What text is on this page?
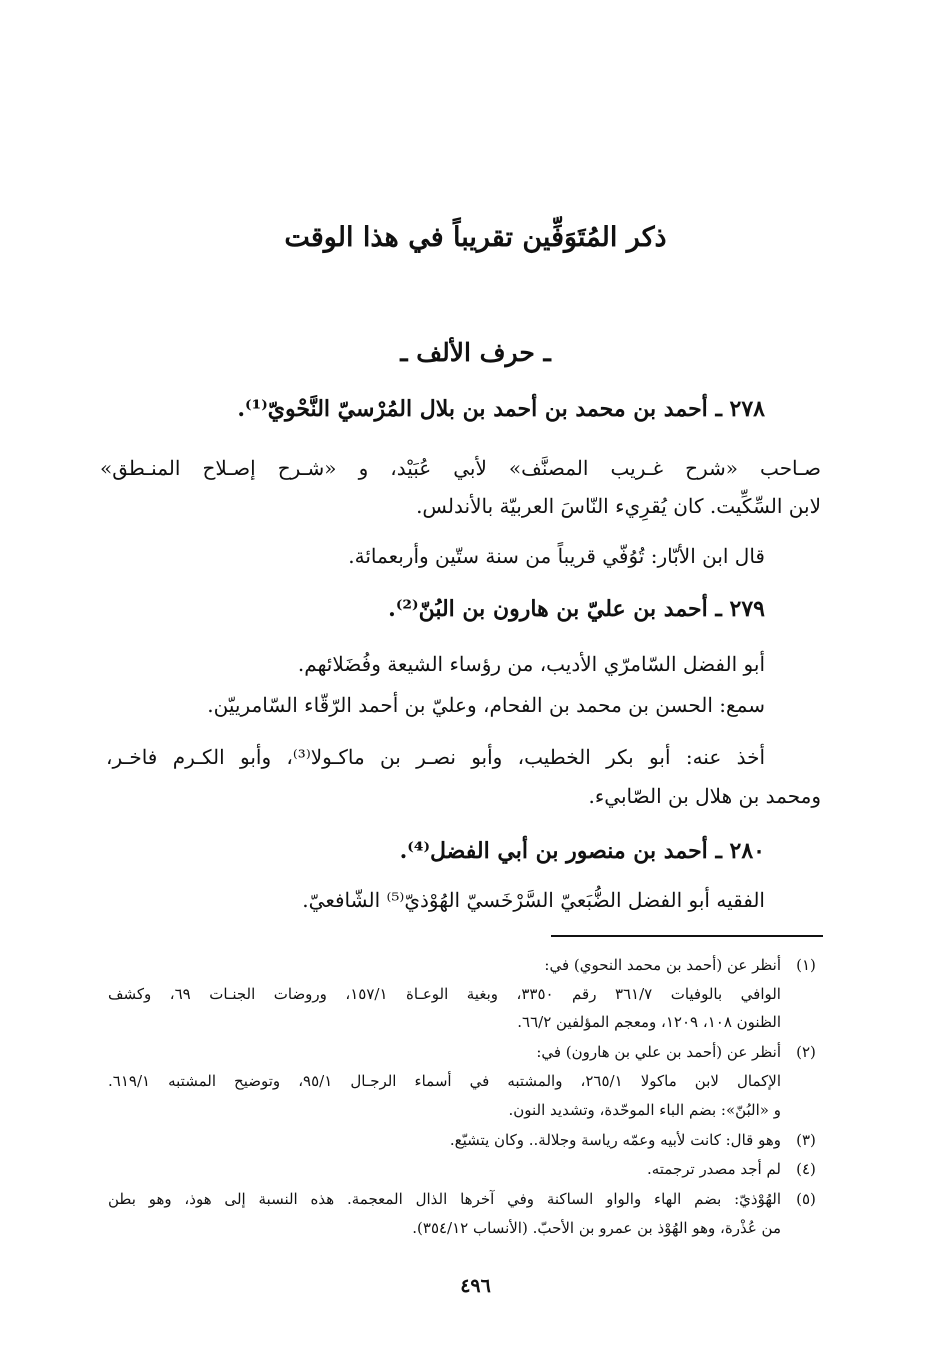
ذكر المُتَوَفِّين تقريباً في هذا الوقت
ـ حرف الألف ـ
٢٧٨ ـ أحمد بن محمد بن أحمد بن بلال المُرْسيّ النَّحْويّ⁽¹⁾.
صـاحب «شرح غـريب المصنَّف» لأبي عُبَيْد، و «شـرح إصـلاح المنـطق»
لابن السِّكِّيت. كان يُقرِيء النّاسَ العربيّة بالأندلس.
قال ابن الأبّار: تُوُفّي قريباً من سنة ستّين وأربعمائة.
٢٧٩ ـ أحمد بن عليّ بن هارون بن البُنّ⁽²⁾.
أبو الفضل السّامرّي الأديب، من رؤساء الشيعة وفُضَلائهم.
سمع: الحسن بن محمد بن الفحام، وعليّ بن أحمد الرّقّاء السّامرييّن.
أخذ عنه: أبو بكر الخطيب، وأبو نصـر بن ماكـولا⁽³⁾، وأبو الكـرم فاخـر،
ومحمد بن هلال بن الصّابيء.
٢٨٠ ـ أحمد بن منصور بن أبي الفضل⁽⁴⁾.
الفقيه أبو الفضل الضُّبَعيّ السَّرْخَسيّ الهُوْذيّ⁽⁵⁾ الشّافعيّ.
(١)
أنظر عن (أحمد بن محمد النحوي) في:
الوافي بالوفيات ٣٦١/٧ رقم ٣٣٥٠، وبغية الوعـاة ١٥٧/١، وروضات الجنـات ٦٩، وكشف
الظنون ١٠٨، ١٢٠٩، ومعجم المؤلفين ٦٦/٢.
(٢)
أنظر عن (أحمد بن علي بن هارون) في:
الإكمال لابن ماكولا ٢٦٥/١، والمشتبه في أسماء الرجـال ٩٥/١، وتوضيح المشتبه ٦١٩/١.
و «البُنّ»: بضم الباء الموحّدة، وتشديد النون.
(٣)
وهو قال: كانت لأبيه وعمّه رياسة وجلالة.. وكان يتشيّع.
(٤)
لم أجد مصدر ترجمته.
(٥)
الهُوْذيّ: بضم الهاء والواو الساكنة وفي آخرها الذال المعجمة. هذه النسبة إلى هوذ، وهو بطن
من عُذْرة، وهو الهُوْذ بن عمرو بن الأحبّ. (الأنساب ٣٥٤/١٢).
٤٩٦
